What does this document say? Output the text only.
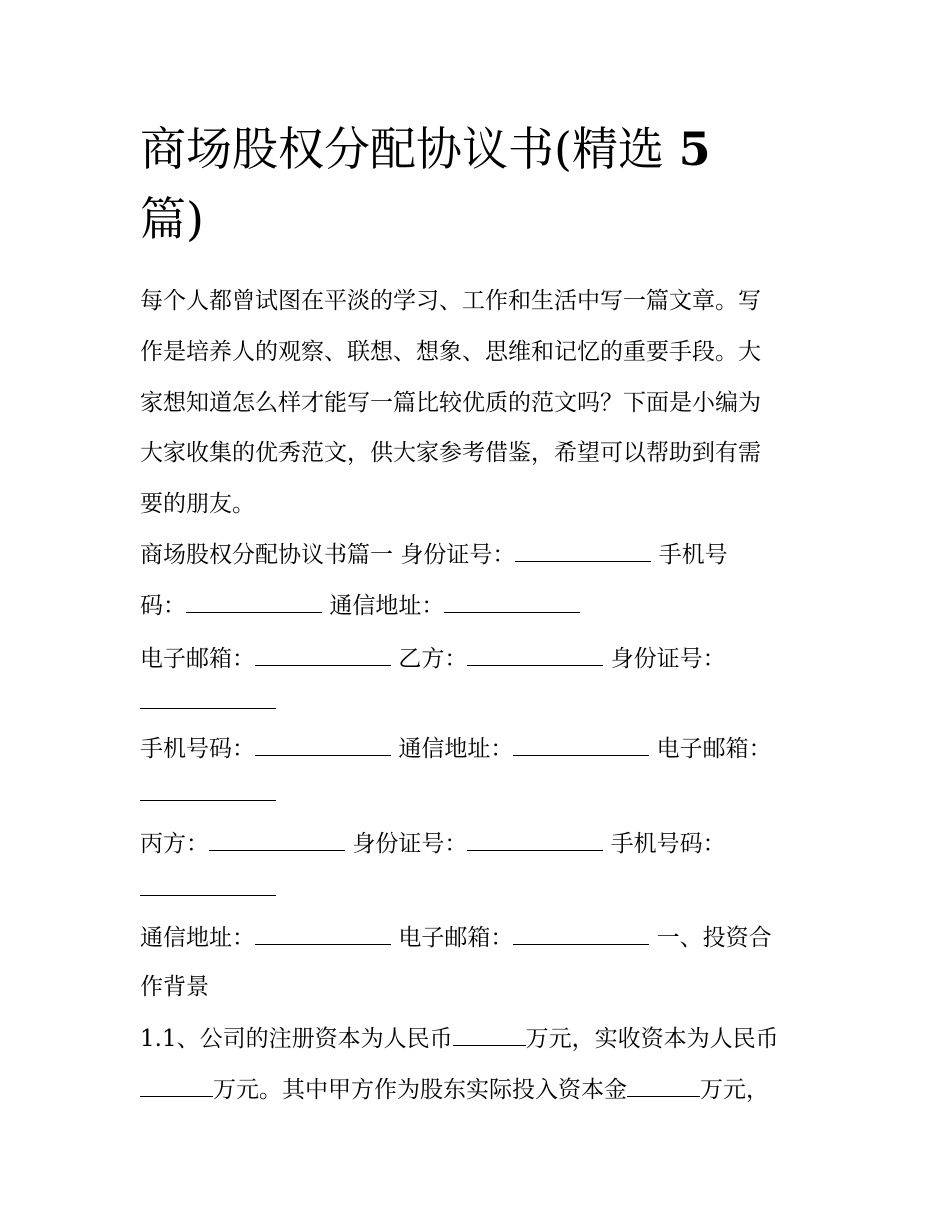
商场股权分配协议书(精选 5
篇)
每个人都曾试图在平淡的学习、工作和生活中写一篇文章。写
作是培养人的观察、联想、想象、思维和记忆的重要手段。大
家想知道怎么样才能写一篇比较优质的范文吗？下面是小编为
大家收集的优秀范文，供大家参考借鉴，希望可以帮助到有需
要的朋友。
商场股权分配协议书篇一 身份证号：	手机号
码：	通信地址：
电子邮箱：	乙方：	身份证号：
手机号码：	通信地址：	电子邮箱：
丙方：	身份证号：	手机号码：
通信地址：	电子邮箱：	一、投资合
作背景
1.1、公司的注册资本为人民币	万元，实收资本为人民币
万元。其中甲方作为股东实际投入资本金	万元，
